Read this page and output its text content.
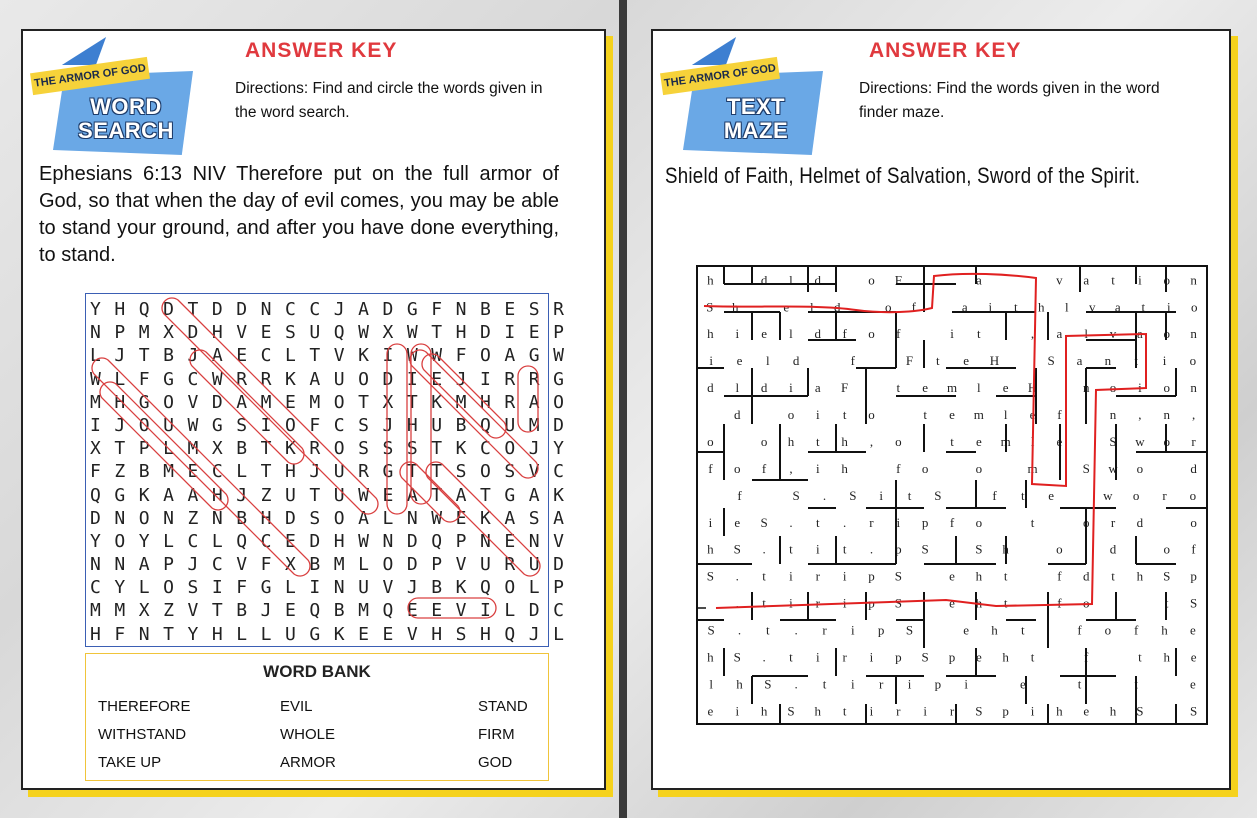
THE ARMOR OF GOD
WORD
SEARCH
ANSWER KEY
Directions: Find and circle the words given in the word search.
Ephesians 6:13 NIV Therefore put on the full armor of God, so that when the day of evil comes, you may be able to stand your ground, and after you have done everything, to stand.
Y H Q D T D D N C C J A D G F N B E S R
N P M X D H V E S U Q W X W T H D I E P
L J T B J A E C L T V K I W W F O A G W
W L F G C W R R K A U O D I E J I R R G
M H G O V D A M E M O T X T K M H R A O
I J O U W G S I O F C S J H U B Q U M D
X T P L M X B T K R O S S S T K C O J Y
F Z B M E C L T H J U R G T T S O S V C
Q G K A A H J Z U T U W E A T A T G A K
D N O N Z N B H D S O A L N W E K A S A
Y O Y L C L Q C E D H W N D Q P N E N V
N N A P J C V F X B M L O D P V U R U D
C Y L O S I F G L I N U V J B K Q O L P
M M X Z V T B J E Q B M Q E E V I L D C
H F N T Y H L L U G K E E V H S H Q J L
WORD BANK
THEREFORE	EVIL	STAND
WITHSTAND	WHOLE	FIRM
TAKE UP	ARMOR	GOD
THE ARMOR OF GOD
TEXT
MAZE
ANSWER KEY
Directions: Find the words given in the word finder maze.
Shield of Faith, Helmet of Salvation, Sword of the Spirit.
h	d l d	o F	a	v a t i o n
S h	e l d	o f	a i t h l v a t i o
h i e l d f o f	i t	, a l v a o n
i e l d	f	F t e H	S a n t i o
d l d i a F	t e m l e H	n o i o n
d	o i t o	t e m l e f	n , n ,
o	o h t h , o	t e m l e	S w o r
f o f , i h	f o	o	m	S w o	d
f	S . S i t S	f t e	w o r o
i e S . t . r i p f o	t	o r d	o
h S . t i t . p S	S h	o	d	o f
S . t i r i p S	e h t	f d t h S p
. t i r i p S	e h t	f o	t S
S . t . r i p S	e h t	f o f h e
h S . t i r i p S p e h t	f	t h e
l h S . t i r i p i	e	t	t	e
e i h S h t i r i r S p i h e h S	S
